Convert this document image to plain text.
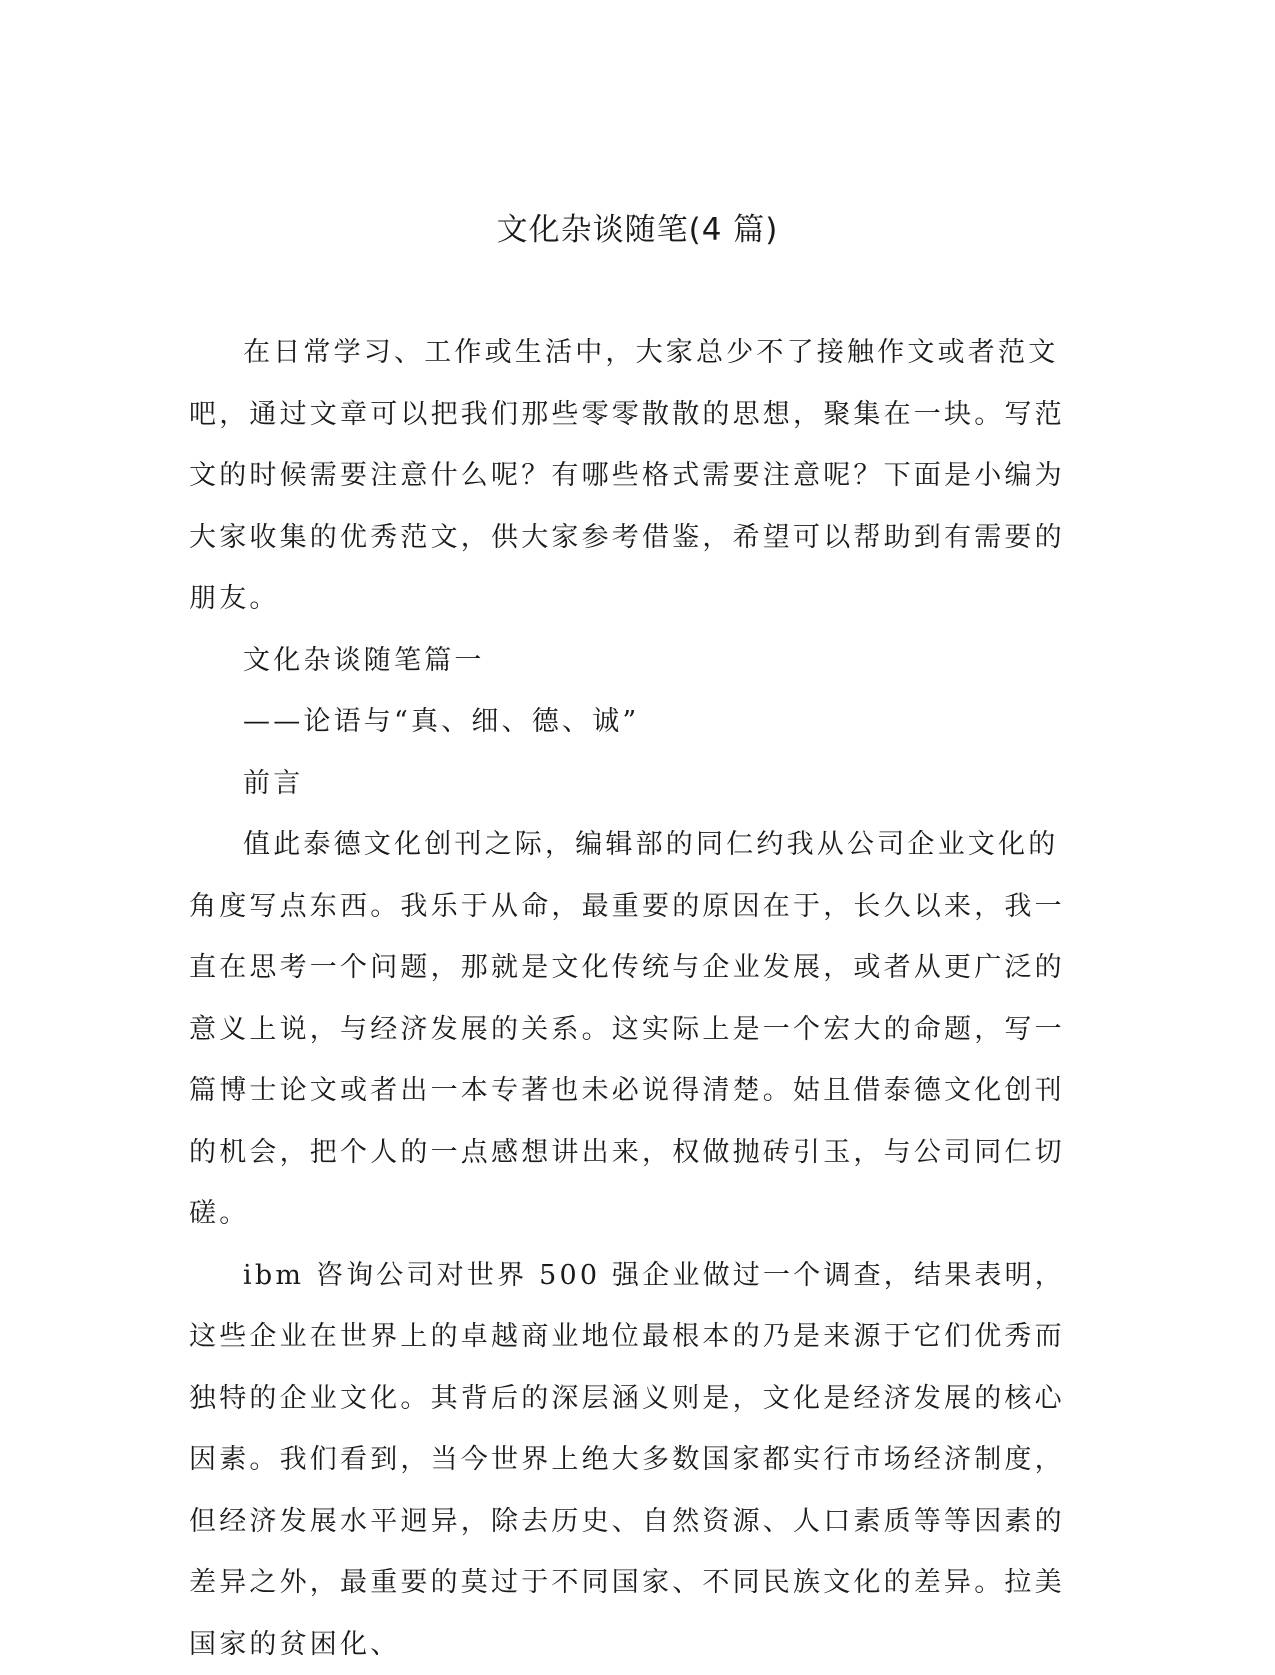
文化杂谈随笔(4 篇)

在日常学习、工作或生活中，大家总少不了接触作文或者范文吧，通过文章可以把我们那些零零散散的思想，聚集在一块。写范文的时候需要注意什么呢？有哪些格式需要注意呢？下面是小编为大家收集的优秀范文，供大家参考借鉴，希望可以帮助到有需要的朋友。

文化杂谈随笔篇一

——论语与“真、细、德、诚”

前言

值此泰德文化创刊之际，编辑部的同仁约我从公司企业文化的角度写点东西。我乐于从命，最重要的原因在于，长久以来，我一直在思考一个问题，那就是文化传统与企业发展，或者从更广泛的意义上说，与经济发展的关系。这实际上是一个宏大的命题，写一篇博士论文或者出一本专著也未必说得清楚。姑且借泰德文化创刊的机会，把个人的一点感想讲出来，权做抛砖引玉，与公司同仁切磋。

ibm 咨询公司对世界 500 强企业做过一个调查，结果表明，这些企业在世界上的卓越商业地位最根本的乃是来源于它们优秀而独特的企业文化。其背后的深层涵义则是，文化是经济发展的核心因素。我们看到，当今世界上绝大多数国家都实行市场经济制度，但经济发展水平迥异，除去历史、自然资源、人口素质等等因素的差异之外，最重要的莫过于不同国家、不同民族文化的差异。拉美国家的贫困化、
